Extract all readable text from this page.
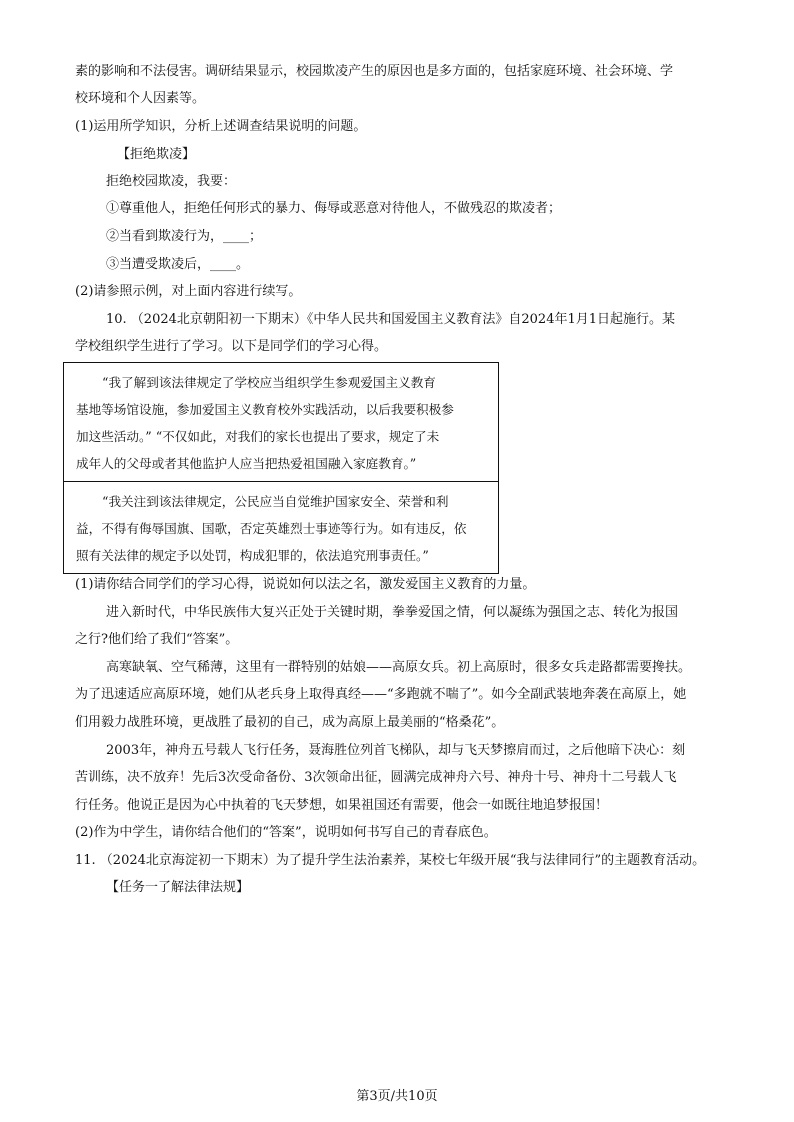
素的影响和不法侵害。调研结果显示，校园欺凌产生的原因也是多方面的，包括家庭环境、社会环境、学
校环境和个人因素等。
(1)运用所学知识，分析上述调查结果说明的问题。
【拒绝欺凌】
拒绝校园欺凌，我要：
①尊重他人，拒绝任何形式的暴力、侮辱或恶意对待他人，不做残忍的欺凌者；
②当看到欺凌行为，____；
③当遭受欺凌后，____。
(2)请参照示例，对上面内容进行续写。
10. （2024北京朝阳初一下期末）《中华人民共和国爱国主义教育法》自2024年1月1日起施行。某
学校组织学生进行了学习。以下是同学们的学习心得。
“我了解到该法律规定了学校应当组织学生参观爱国主义教育
基地等场馆设施，参加爱国主义教育校外实践活动，以后我要积极参
加这些活动。” “不仅如此，对我们的家长也提出了要求，规定了未
成年人的父母或者其他监护人应当把热爱祖国融入家庭教育。”
“我关注到该法律规定，公民应当自觉维护国家安全、荣誉和利
益，不得有侮辱国旗、国歌，否定英雄烈士事迹等行为。如有违反，依
照有关法律的规定予以处罚，构成犯罪的，依法追究刑事责任。”
(1)请你结合同学们的学习心得，说说如何以法之名，激发爱国主义教育的力量。
进入新时代，中华民族伟大复兴正处于关键时期，拳拳爱国之情，何以凝练为强国之志、转化为报国
之行?他们给了我们“答案”。
高寒缺氧、空气稀薄，这里有一群特别的姑娘——高原女兵。初上高原时，很多女兵走路都需要搀扶。
为了迅速适应高原环境，她们从老兵身上取得真经——“多跑就不喘了”。如今全副武装地奔袭在高原上，她
们用毅力战胜环境，更战胜了最初的自己，成为高原上最美丽的“格桑花”。
2003年，神舟五号载人飞行任务，聂海胜位列首飞梯队，却与飞天梦擦肩而过，之后他暗下决心：刻
苦训练，决不放弃！先后3次受命备份、3次领命出征，圆满完成神舟六号、神舟十号、神舟十二号载人飞
行任务。他说正是因为心中执着的飞天梦想，如果祖国还有需要，他会一如既往地追梦报国！
(2)作为中学生，请你结合他们的“答案”，说明如何书写自己的青春底色。
11. （2024北京海淀初一下期末）为了提升学生法治素养，某校七年级开展“我与法律同行”的主题教育活动。
【任务一了解法律法规】
第3页/共10页
